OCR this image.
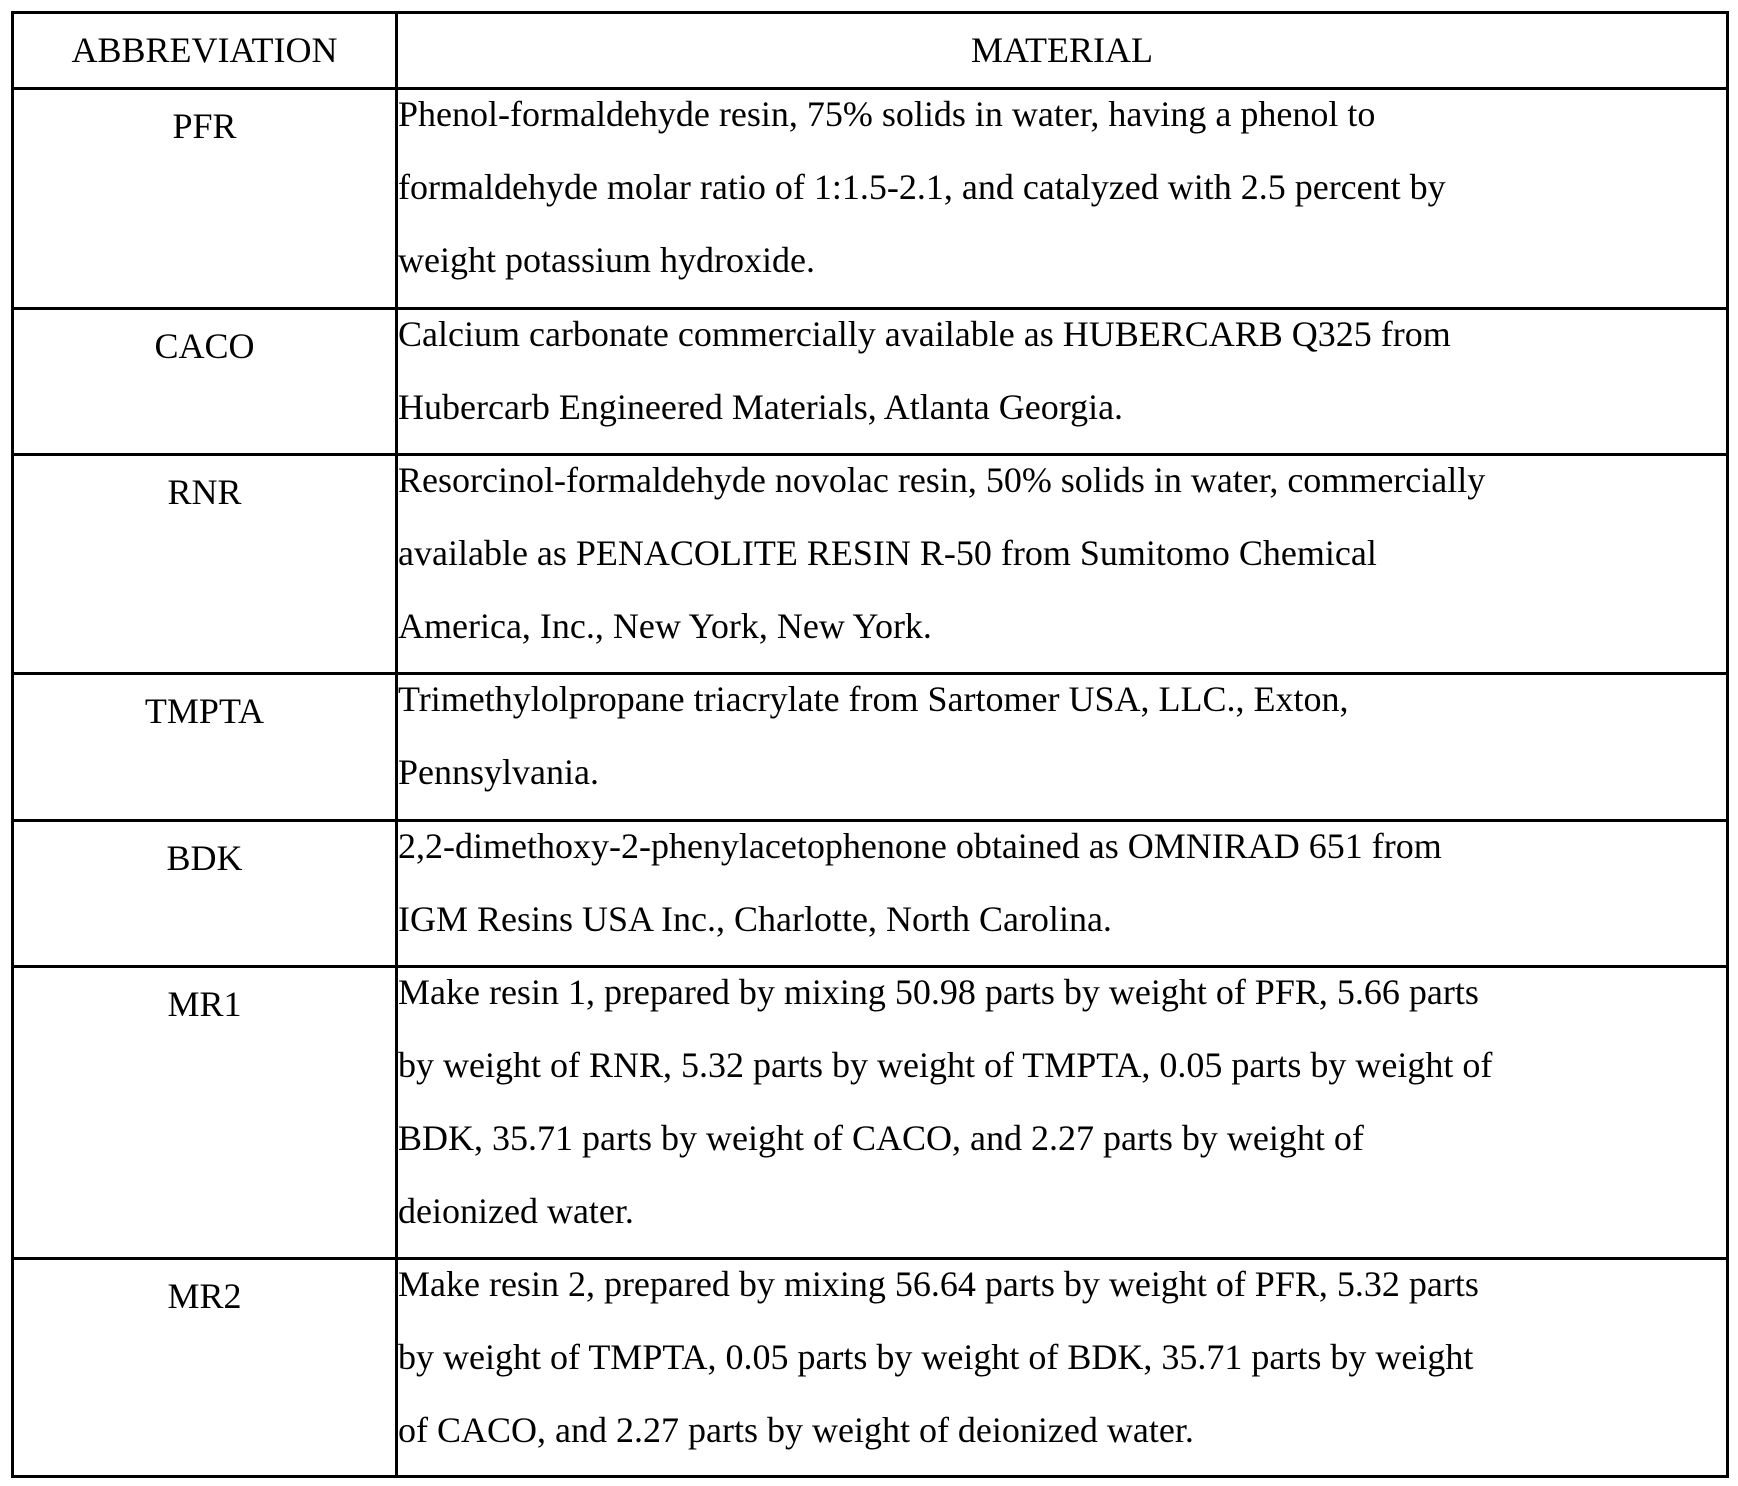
ABBREVIATION	MATERIAL
PFR	Phenol-formaldehyde resin, 75% solids in water, having a phenol to
formaldehyde molar ratio of 1:1.5-2.1, and catalyzed with 2.5 percent by
weight potassium hydroxide.

CACO	Calcium carbonate commercially available as HUBERCARB Q325 from
Hubercarb Engineered Materials, Atlanta Georgia.

RNR	Resorcinol-formaldehyde novolac resin, 50% solids in water, commercially
available as PENACOLITE RESIN R-50 from Sumitomo Chemical
America, Inc., New York, New York.

TMPTA	Trimethylolpropane triacrylate from Sartomer USA, LLC., Exton,
Pennsylvania.

BDK	2,2-dimethoxy-2-phenylacetophenone obtained as OMNIRAD 651 from
IGM Resins USA Inc., Charlotte, North Carolina.

MR1	Make resin 1, prepared by mixing 50.98 parts by weight of PFR, 5.66 parts
by weight of RNR, 5.32 parts by weight of TMPTA, 0.05 parts by weight of
BDK, 35.71 parts by weight of CACO, and 2.27 parts by weight of
deionized water.

MR2	Make resin 2, prepared by mixing 56.64 parts by weight of PFR, 5.32 parts
by weight of TMPTA, 0.05 parts by weight of BDK, 35.71 parts by weight
of CACO, and 2.27 parts by weight of deionized water.
